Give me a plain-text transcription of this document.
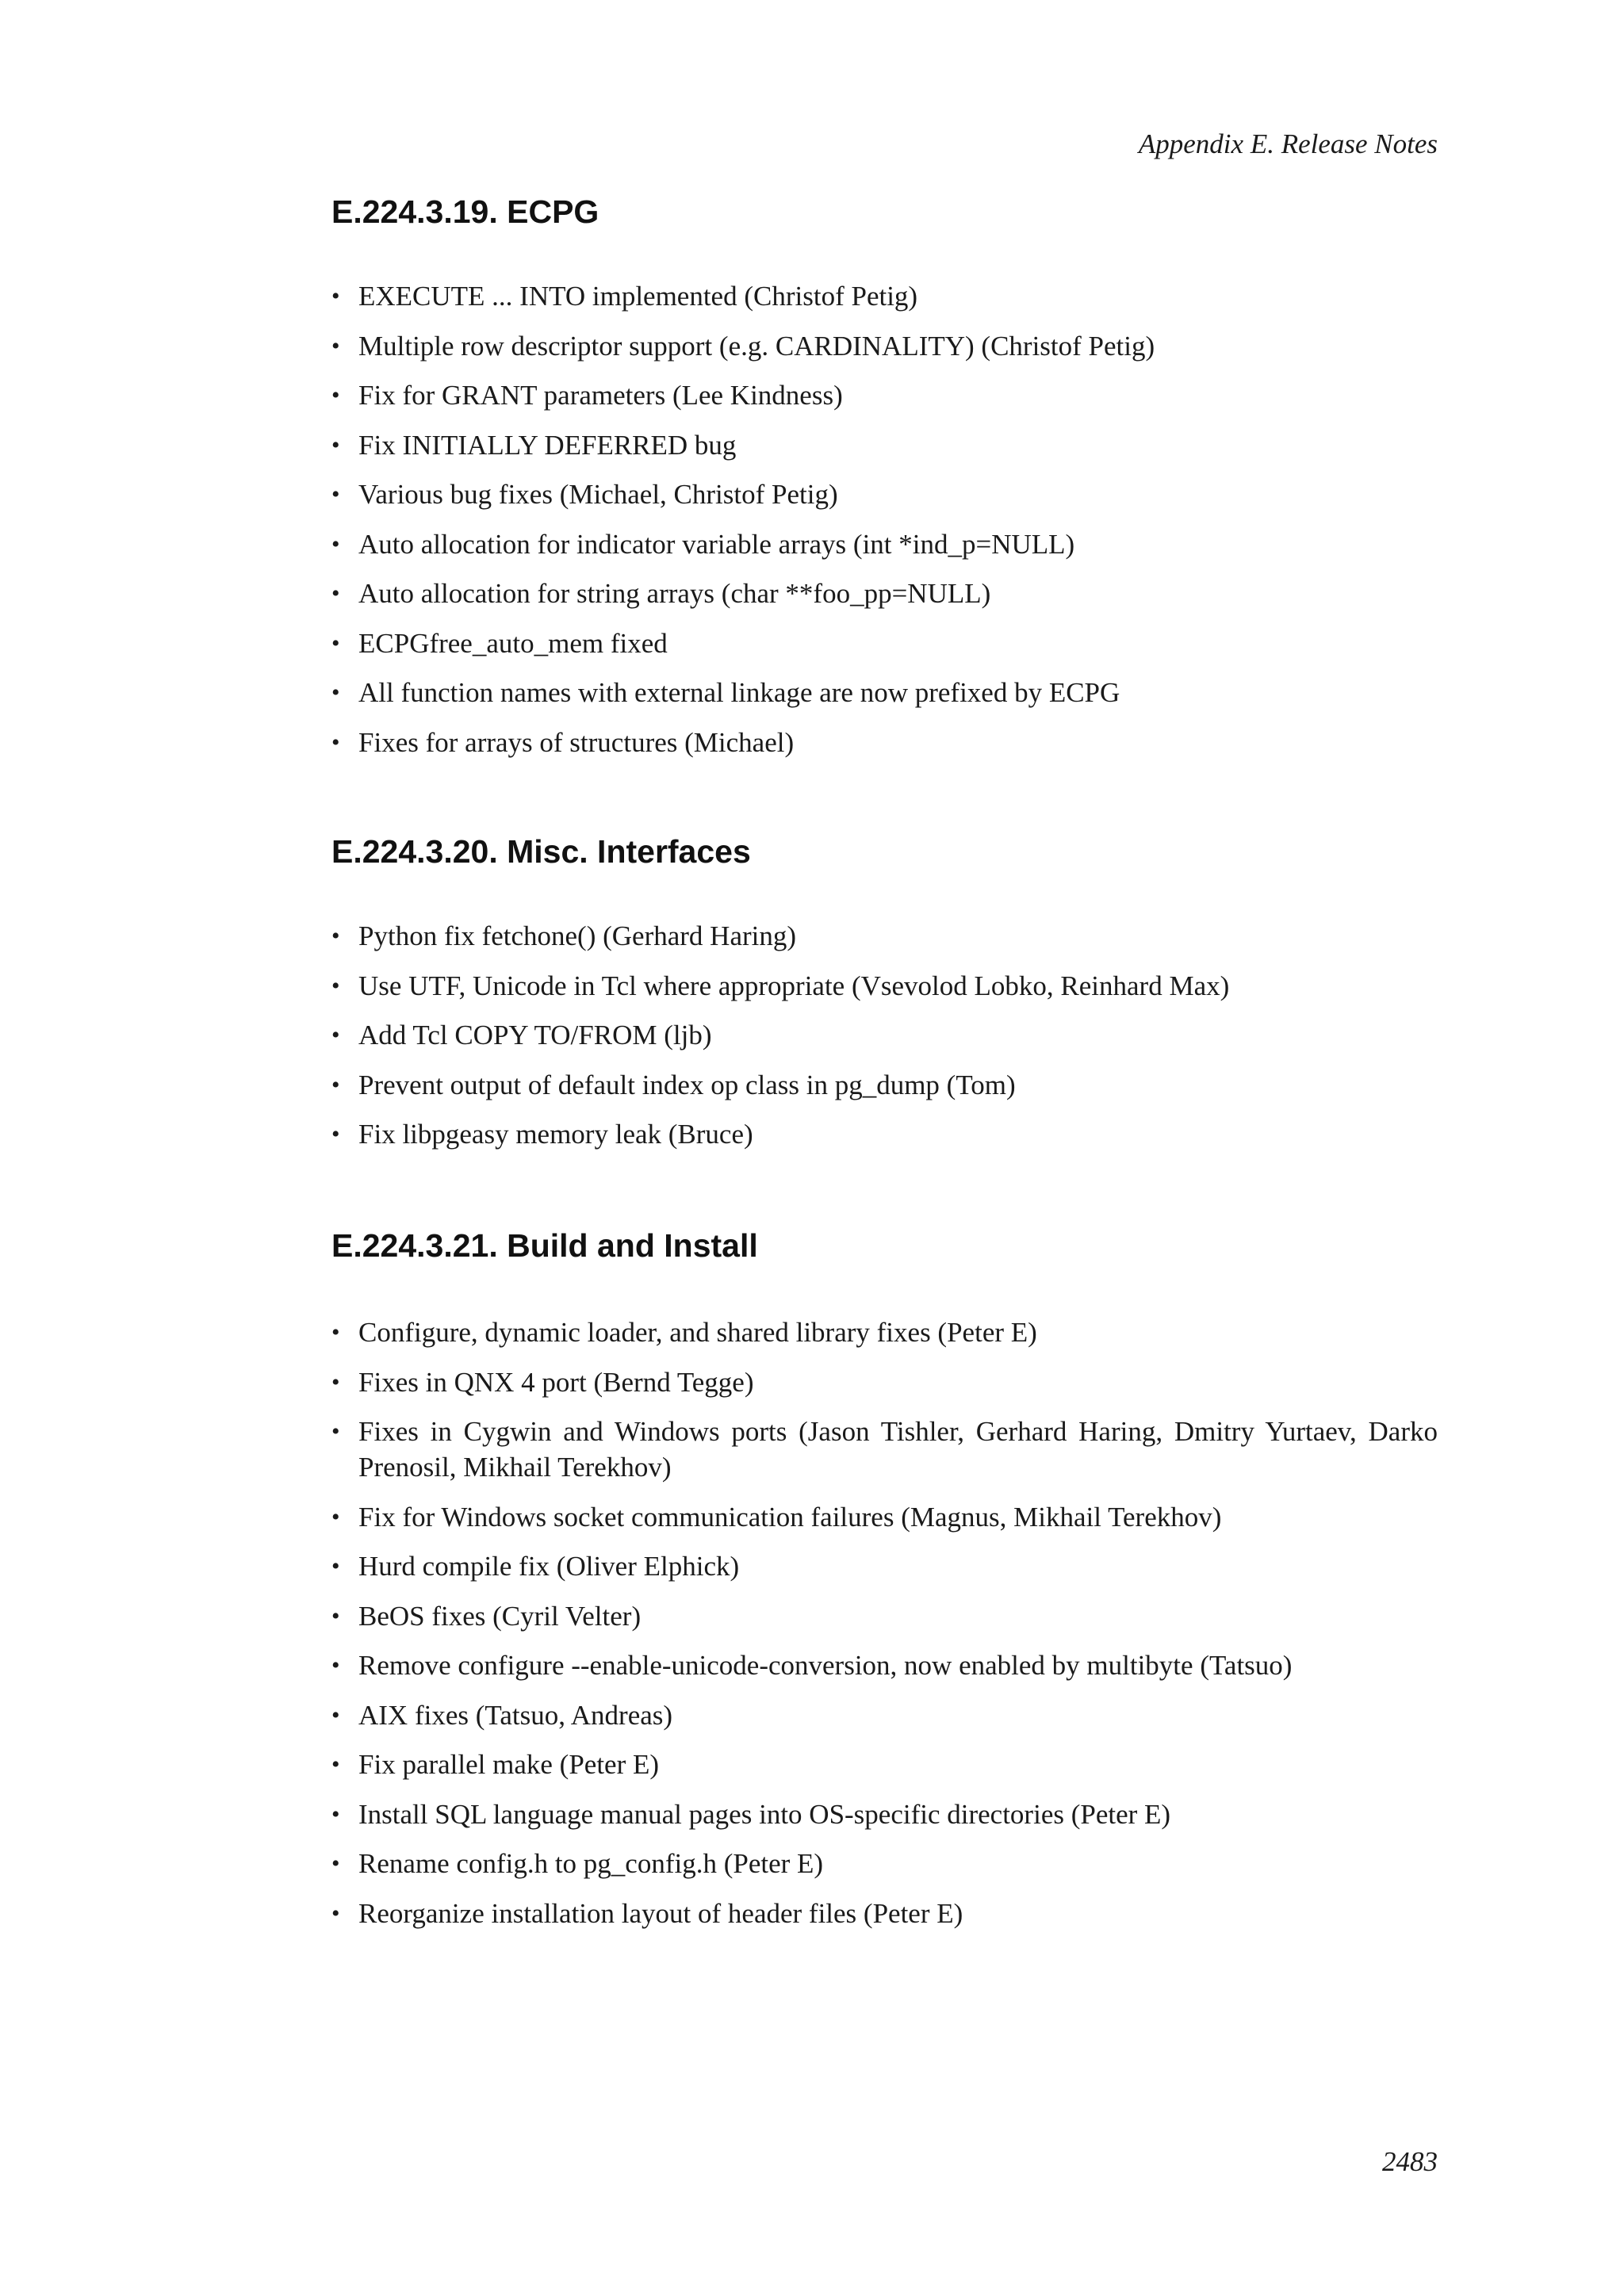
Appendix E. Release Notes
E.224.3.19. ECPG
• EXECUTE ... INTO implemented (Christof Petig)
• Multiple row descriptor support (e.g. CARDINALITY) (Christof Petig)
• Fix for GRANT parameters (Lee Kindness)
• Fix INITIALLY DEFERRED bug
• Various bug fixes (Michael, Christof Petig)
• Auto allocation for indicator variable arrays (int *ind_p=NULL)
• Auto allocation for string arrays (char **foo_pp=NULL)
• ECPGfree_auto_mem fixed
• All function names with external linkage are now prefixed by ECPG
• Fixes for arrays of structures (Michael)
E.224.3.20. Misc. Interfaces
• Python fix fetchone() (Gerhard Haring)
• Use UTF, Unicode in Tcl where appropriate (Vsevolod Lobko, Reinhard Max)
• Add Tcl COPY TO/FROM (ljb)
• Prevent output of default index op class in pg_dump (Tom)
• Fix libpgeasy memory leak (Bruce)
E.224.3.21. Build and Install
• Configure, dynamic loader, and shared library fixes (Peter E)
• Fixes in QNX 4 port (Bernd Tegge)
• Fixes in Cygwin and Windows ports (Jason Tishler, Gerhard Haring, Dmitry Yurtaev, Darko Prenosil, Mikhail Terekhov)
• Fix for Windows socket communication failures (Magnus, Mikhail Terekhov)
• Hurd compile fix (Oliver Elphick)
• BeOS fixes (Cyril Velter)
• Remove configure --enable-unicode-conversion, now enabled by multibyte (Tatsuo)
• AIX fixes (Tatsuo, Andreas)
• Fix parallel make (Peter E)
• Install SQL language manual pages into OS-specific directories (Peter E)
• Rename config.h to pg_config.h (Peter E)
• Reorganize installation layout of header files (Peter E)
2483
